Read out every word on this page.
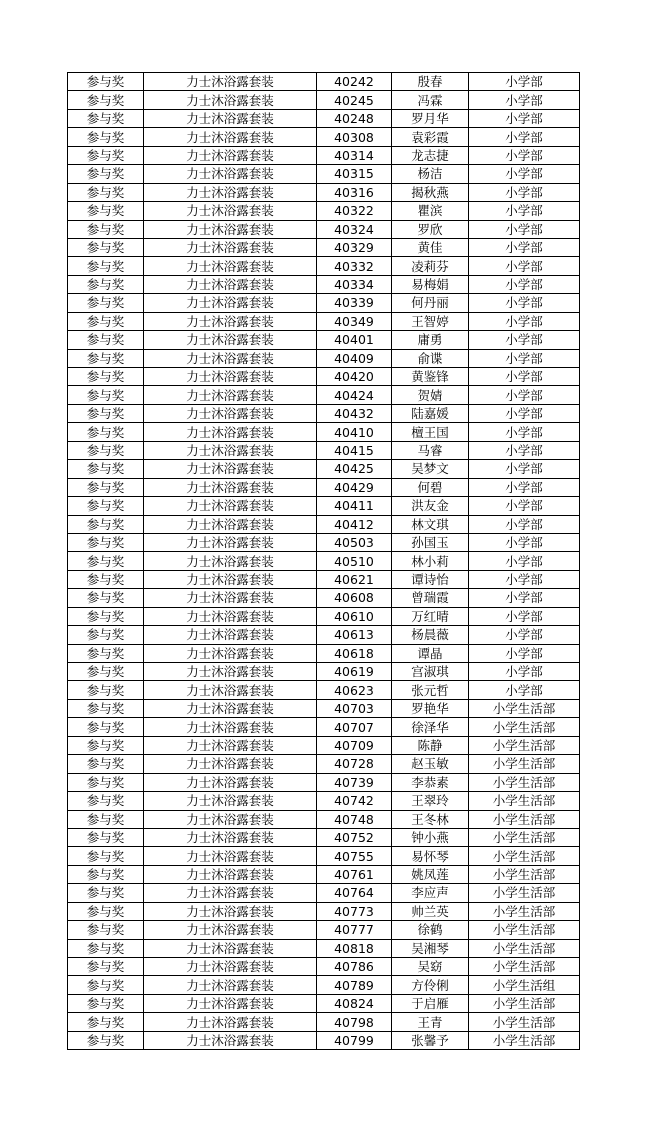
参与奖	力士沐浴露套装	40242	殷春	小学部
参与奖	力士沐浴露套装	40245	冯霖	小学部
参与奖	力士沐浴露套装	40248	罗月华	小学部
参与奖	力士沐浴露套装	40308	袁彩霞	小学部
参与奖	力士沐浴露套装	40314	龙志捷	小学部
参与奖	力士沐浴露套装	40315	杨洁	小学部
参与奖	力士沐浴露套装	40316	揭秋燕	小学部
参与奖	力士沐浴露套装	40322	瞿滨	小学部
参与奖	力士沐浴露套装	40324	罗欣	小学部
参与奖	力士沐浴露套装	40329	黄佳	小学部
参与奖	力士沐浴露套装	40332	凌莉芬	小学部
参与奖	力士沐浴露套装	40334	易梅娟	小学部
参与奖	力士沐浴露套装	40339	何丹丽	小学部
参与奖	力士沐浴露套装	40349	王智婷	小学部
参与奖	力士沐浴露套装	40401	庸勇	小学部
参与奖	力士沐浴露套装	40409	俞谍	小学部
参与奖	力士沐浴露套装	40420	黄鉴锋	小学部
参与奖	力士沐浴露套装	40424	贺婧	小学部
参与奖	力士沐浴露套装	40432	陆嘉媛	小学部
参与奖	力士沐浴露套装	40410	檀王国	小学部
参与奖	力士沐浴露套装	40415	马睿	小学部
参与奖	力士沐浴露套装	40425	吴梦文	小学部
参与奖	力士沐浴露套装	40429	何碧	小学部
参与奖	力士沐浴露套装	40411	洪友金	小学部
参与奖	力士沐浴露套装	40412	林文琪	小学部
参与奖	力士沐浴露套装	40503	孙国玉	小学部
参与奖	力士沐浴露套装	40510	林小莉	小学部
参与奖	力士沐浴露套装	40621	谭诗怡	小学部
参与奖	力士沐浴露套装	40608	曾瑞霞	小学部
参与奖	力士沐浴露套装	40610	万红晴	小学部
参与奖	力士沐浴露套装	40613	杨晨薇	小学部
参与奖	力士沐浴露套装	40618	谭晶	小学部
参与奖	力士沐浴露套装	40619	宫淑琪	小学部
参与奖	力士沐浴露套装	40623	张元哲	小学部
参与奖	力士沐浴露套装	40703	罗艳华	小学生活部
参与奖	力士沐浴露套装	40707	徐泽华	小学生活部
参与奖	力士沐浴露套装	40709	陈静	小学生活部
参与奖	力士沐浴露套装	40728	赵玉敏	小学生活部
参与奖	力士沐浴露套装	40739	李恭素	小学生活部
参与奖	力士沐浴露套装	40742	王翠玲	小学生活部
参与奖	力士沐浴露套装	40748	王冬林	小学生活部
参与奖	力士沐浴露套装	40752	钟小燕	小学生活部
参与奖	力士沐浴露套装	40755	易怀琴	小学生活部
参与奖	力士沐浴露套装	40761	姚凤莲	小学生活部
参与奖	力士沐浴露套装	40764	李应声	小学生活部
参与奖	力士沐浴露套装	40773	帅兰英	小学生活部
参与奖	力士沐浴露套装	40777	徐鹤	小学生活部
参与奖	力士沐浴露套装	40818	吴湘琴	小学生活部
参与奖	力士沐浴露套装	40786	吴窈	小学生活部
参与奖	力士沐浴露套装	40789	方伶俐	小学生活组
参与奖	力士沐浴露套装	40824	于启雁	小学生活部
参与奖	力士沐浴露套装	40798	王青	小学生活部
参与奖	力士沐浴露套装	40799	张馨予	小学生活部
